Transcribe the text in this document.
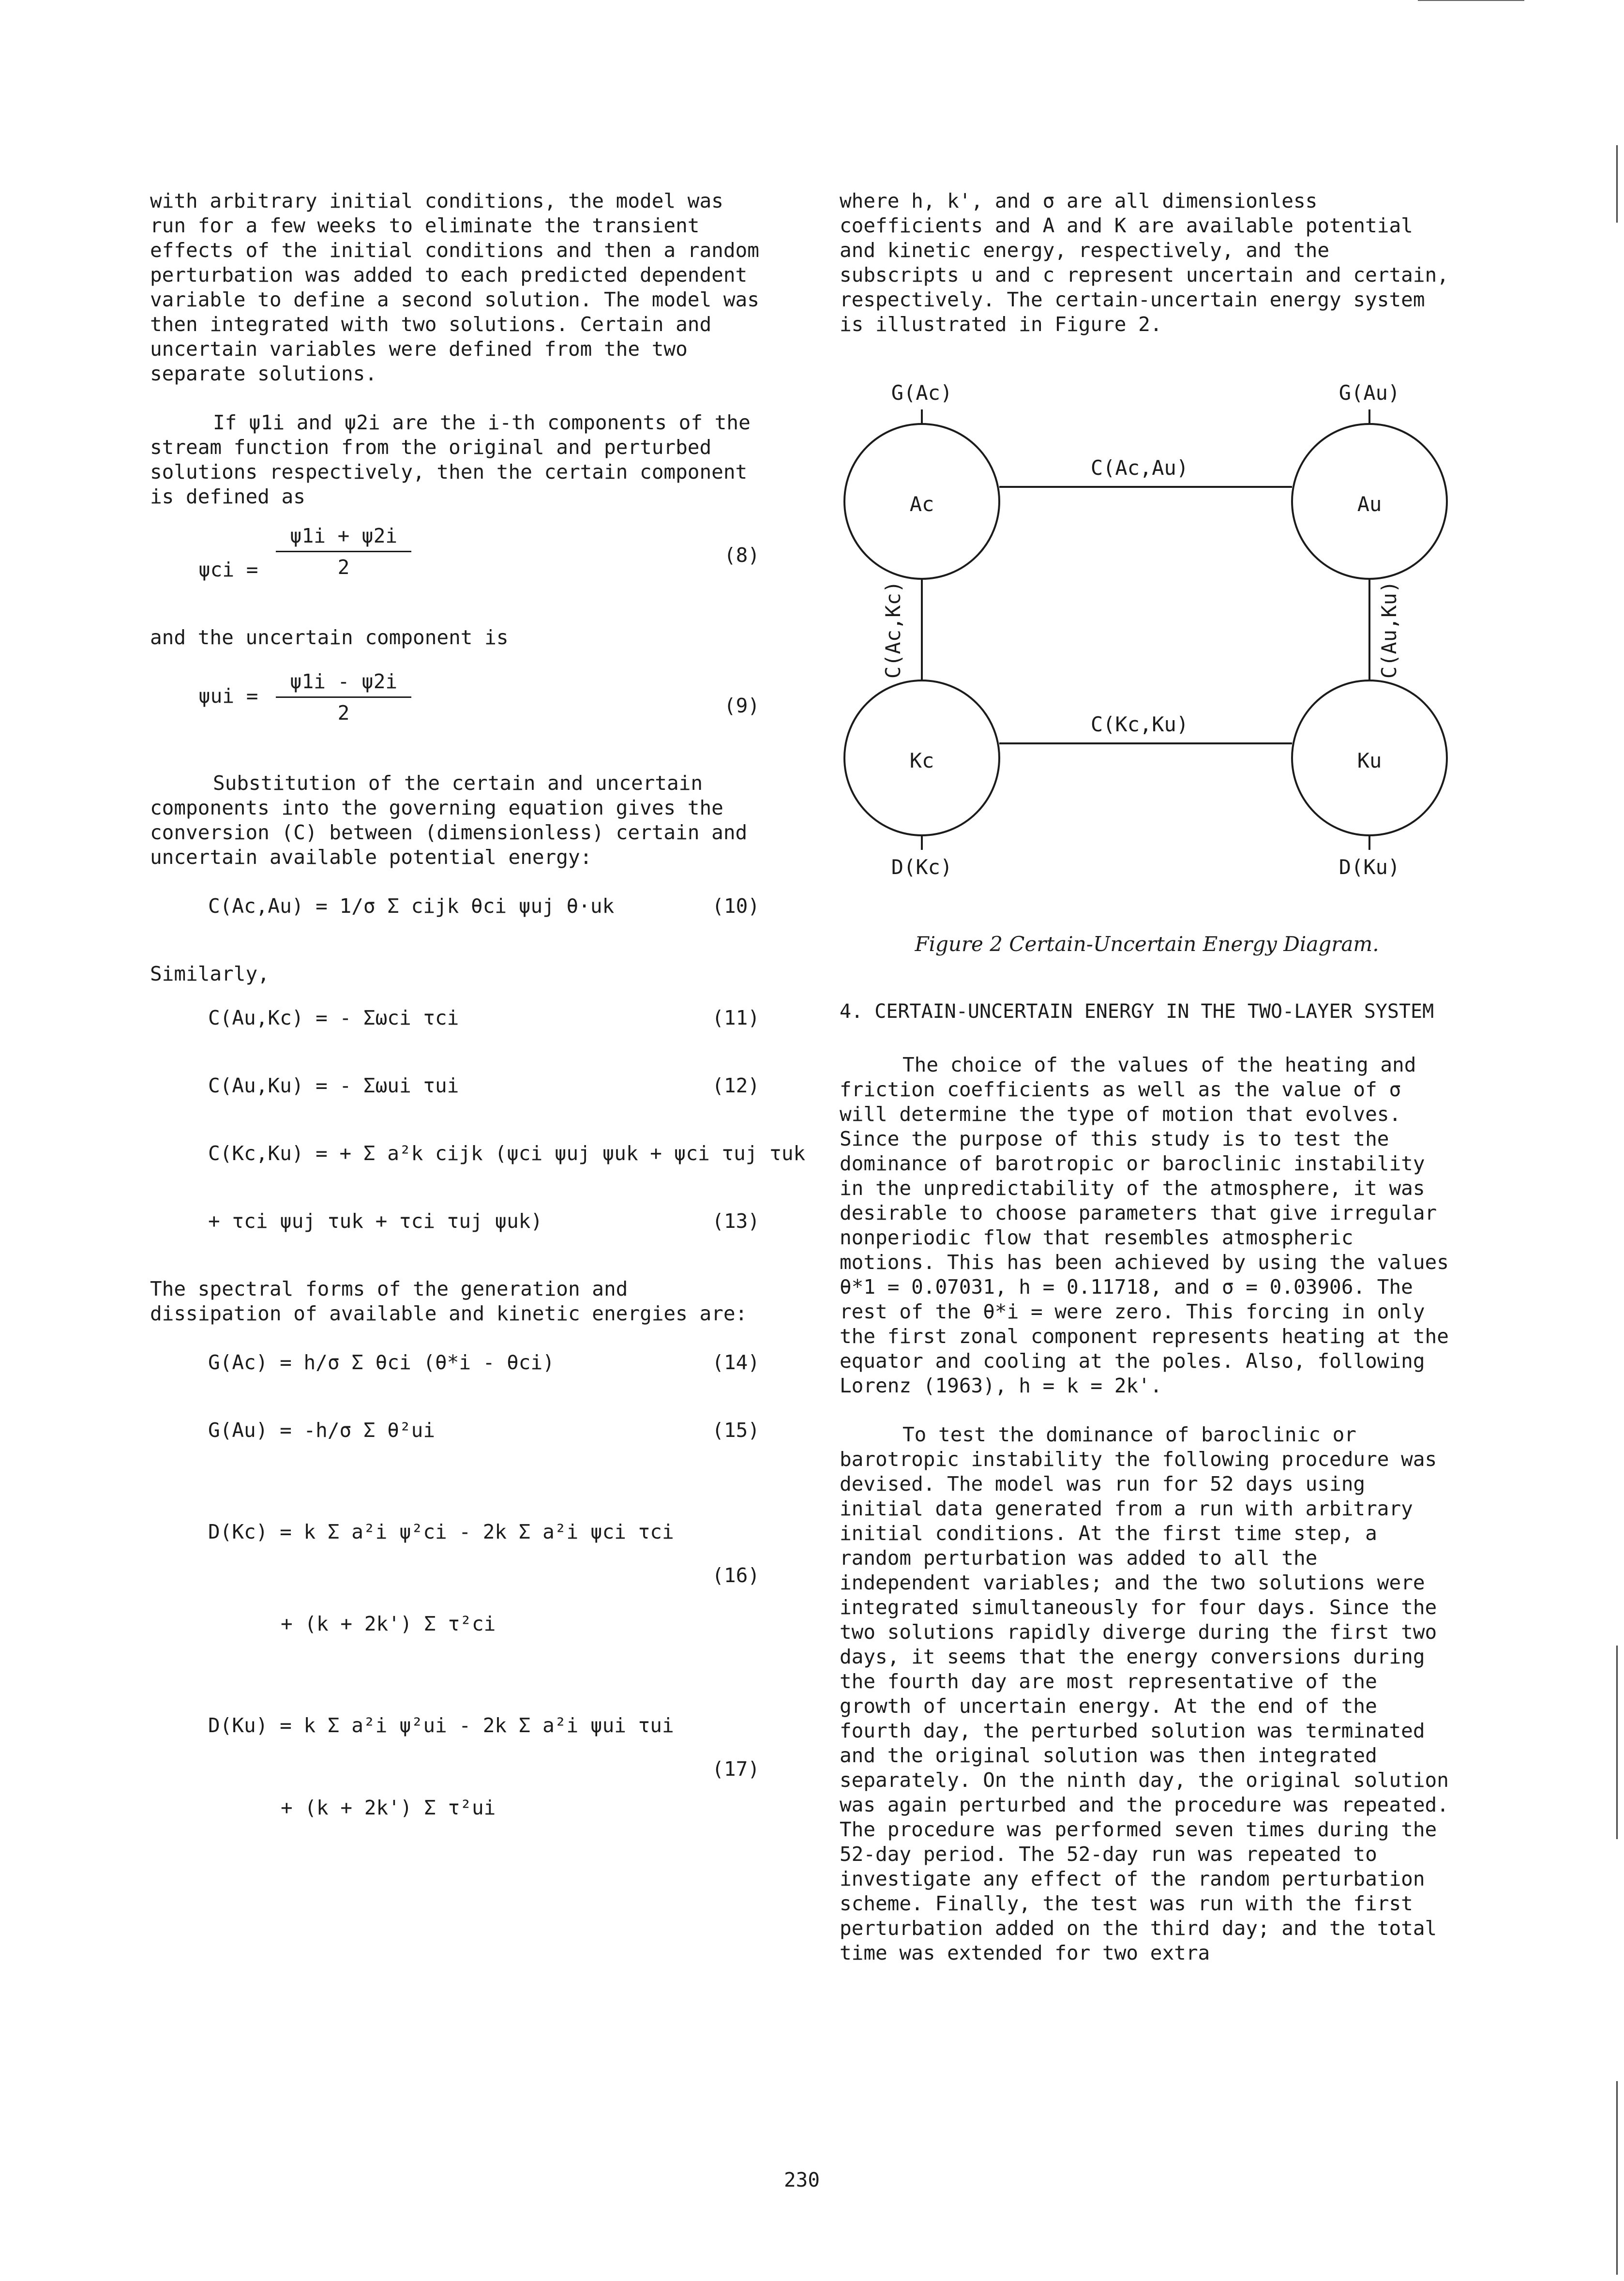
with arbitrary initial conditions, the model was run for a few weeks to eliminate the transient effects of the initial conditions and then a random perturbation was added to each predicted dependent variable to define a second solution. The model was then integrated with two solutions. Certain and uncertain variables were defined from the two separate solutions.

If ψ1i and ψ2i are the i-th components of the stream function from the original and perturbed solutions respectively, then the certain component is defined as

ψci =
ψ1i + ψ2i
2
(8)
and the uncertain component is
ψui =
ψ1i - ψ2i
2	(9)

Substitution of the certain and uncertain components into the governing equation gives the conversion (C) between (dimensionless) certain and uncertain available potential energy:

C(Ac,Au) = 1/σ Σ cijk θci ψuj θ·uk	(10)
Similarly,
C(Au,Kc) = - Σωci τci	(11)
C(Au,Ku) = - Σωui τui	(12)
C(Kc,Ku) = + Σ a²k cijk (ψci ψuj ψuk + ψci τuj τuk
+ τci ψuj τuk + τci τuj ψuk)	(13)

The spectral forms of the generation and dissipation of available and kinetic energies are:

G(Ac) = h/σ Σ θci (θ*i - θci)	(14)
G(Au) = -h/σ Σ θ²ui	(15)
D(Kc) = k Σ a²i ψ²ci - 2k Σ a²i ψci τci
(16)
+ (k + 2k') Σ τ²ci
D(Ku) = k Σ a²i ψ²ui - 2k Σ a²i ψui τui
(17)
+ (k + 2k') Σ τ²ui

where h, k', and σ are all dimensionless coefficients and A and K are available potential and kinetic energy, respectively, and the subscripts u and c represent uncertain and certain, respectively. The certain-uncertain energy system is illustrated in Figure 2.

G(Ac)	G(Au)
Ac	Au
Kc	Ku
C(Ac,Au)
C(Kc,Ku)
C(Ac,Kc)	C(Au,Ku)
D(Kc)	D(Ku)
Figure 2 Certain-Uncertain Energy Diagram.
4. CERTAIN-UNCERTAIN ENERGY IN THE TWO-LAYER SYSTEM

The choice of the values of the heating and friction coefficients as well as the value of σ will determine the type of motion that evolves. Since the purpose of this study is to test the dominance of barotropic or baroclinic instability in the unpredictability of the atmosphere, it was desirable to choose parameters that give irregular nonperiodic flow that resembles atmospheric motions. This has been achieved by using the values θ*1 = 0.07031, h = 0.11718, and σ = 0.03906. The rest of the θ*i = were zero. This forcing in only the first zonal component represents heating at the equator and cooling at the poles. Also, following Lorenz (1963), h = k = 2k'.

To test the dominance of baroclinic or barotropic instability the following procedure was devised. The model was run for 52 days using initial data generated from a run with arbitrary initial conditions. At the first time step, a random perturbation was added to all the independent variables; and the two solutions were integrated simultaneously for four days. Since the two solutions rapidly diverge during the first two days, it seems that the energy conversions during the fourth day are most representative of the growth of uncertain energy. At the end of the fourth day, the perturbed solution was terminated and the original solution was then integrated separately. On the ninth day, the original solution was again perturbed and the procedure was repeated. The procedure was performed seven times during the 52-day period. The 52-day run was repeated to investigate any effect of the random perturbation scheme. Finally, the test was run with the first perturbation added on the third day; and the total time was extended for two extra

230
